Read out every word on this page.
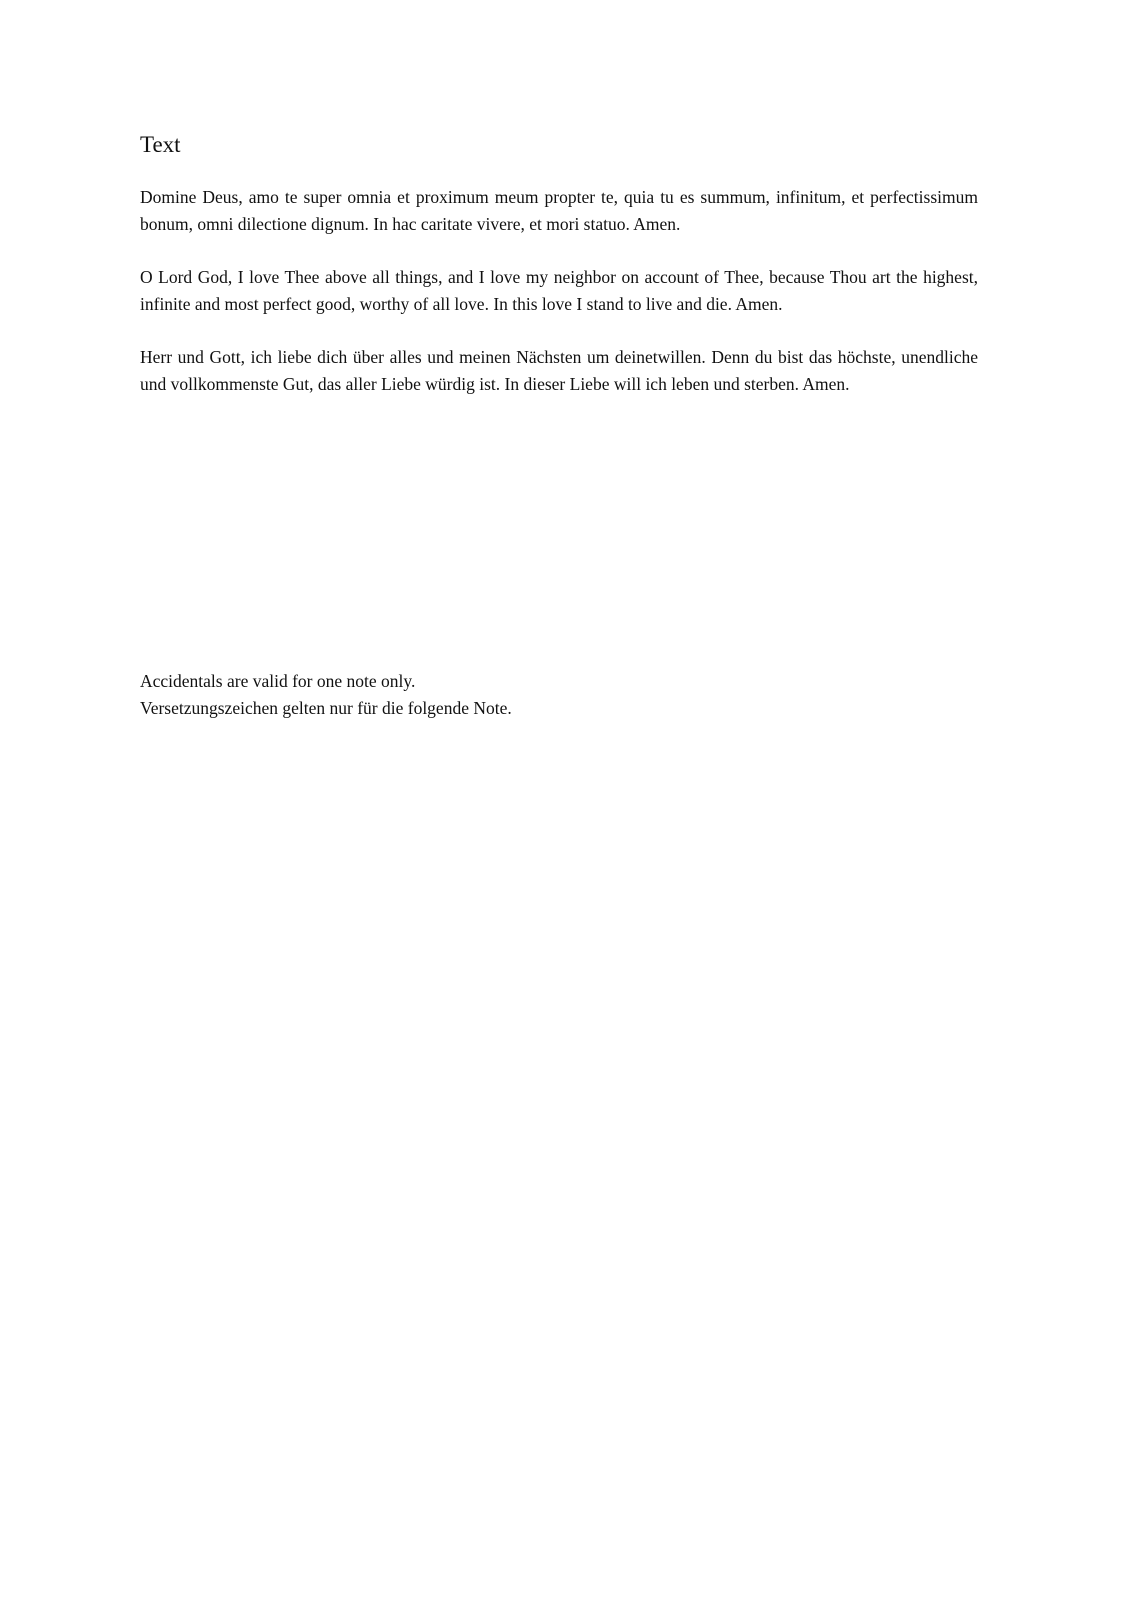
Text

Domine Deus, amo te super omnia et proximum meum propter te, quia tu es summum, infinitum, et perfectissimum bonum, omni dilectione dignum. In hac caritate vivere, et mori statuo. Amen.

O Lord God, I love Thee above all things, and I love my neighbor on account of Thee, because Thou art the highest, infinite and most perfect good, worthy of all love. In this love I stand to live and die. Amen.

Herr und Gott, ich liebe dich über alles und meinen Nächsten um deinetwillen. Denn du bist das höchste, unendliche und vollkommenste Gut, das aller Liebe würdig ist. In dieser Liebe will ich leben und sterben. Amen.

Accidentals are valid for one note only.

Versetzungszeichen gelten nur für die folgende Note.
